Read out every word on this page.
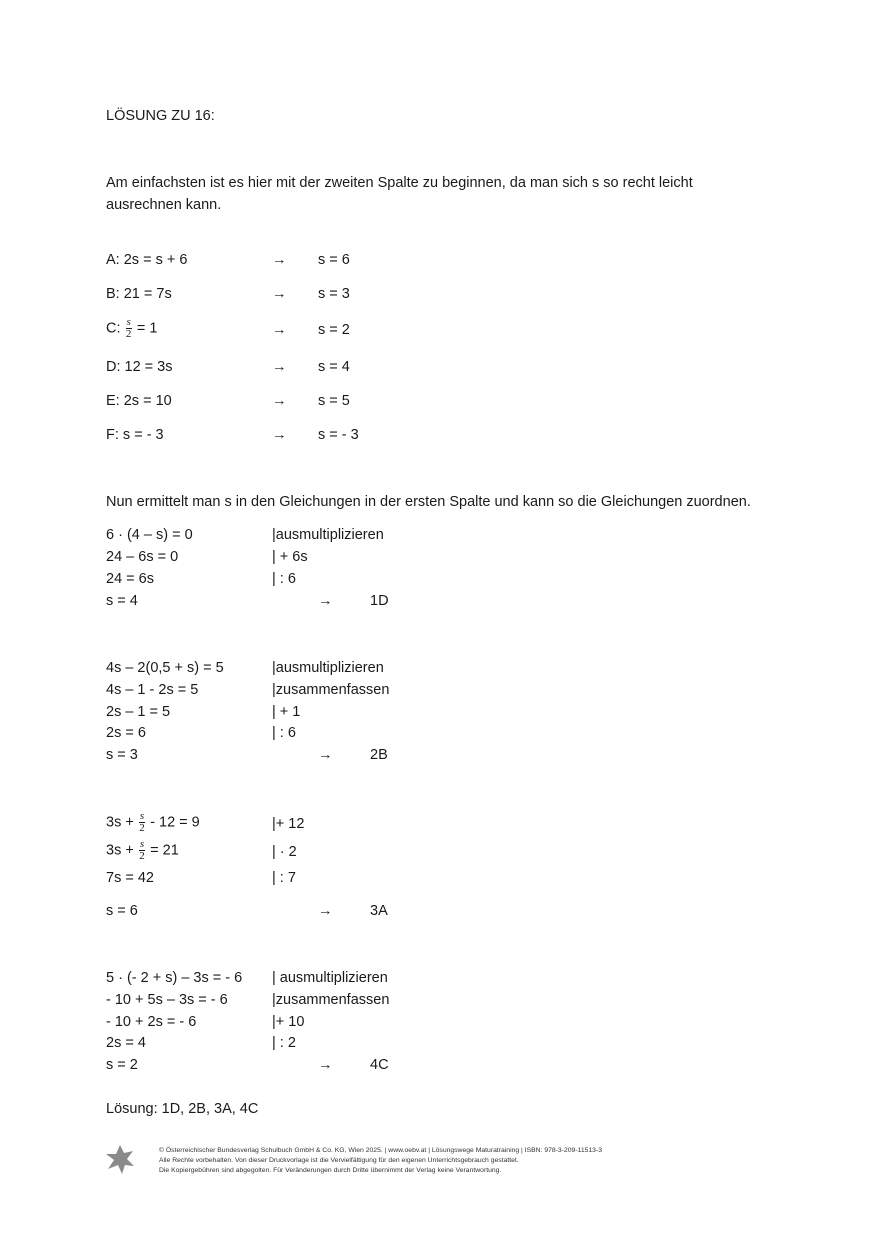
LÖSUNG ZU 16:
Am einfachsten ist es hier mit der zweiten Spalte zu beginnen, da man sich s so recht leicht
ausrechnen kann.
A: 2s = s + 6	→ s = 6
B: 21 = 7s	→ s = 3
C: $\frac{s}{2} = 1$	→ s = 2
D: 12 = 3s	→ s = 4
E: 2s = 10	→ s = 5
F: s = - 3	→ s = - 3
Nun ermittelt man s in den Gleichungen in der ersten Spalte und kann so die Gleichungen zuordnen.
6 · (4 – s) = 0	|ausmultiplizieren
24 – 6s = 0	| + 6s
24 = 6s	| : 6
s = 4	→	1D
4s – 2(0,5 + s) = 5	|ausmultiplizieren
4s – 1 - 2s = 5	|zusammenfassen
2s – 1 = 5	| + 1
2s = 6	| : 6
s = 3	→	2B
$3s + \frac{s}{2} - 12 = 9$	|+ 12
$3s + \frac{s}{2} = 21$	| · 2
7s = 42	| : 7
s = 6	→	3A
5 · (- 2 + s) – 3s = - 6 | ausmultiplizieren
- 10 + 5s – 3s = - 6	|zusammenfassen
- 10 + 2s = - 6	|+ 10
2s = 4	| : 2
s = 2	→	4C
Lösung: 1D, 2B, 3A, 4C
© Österreichischer Bundesverlag Schulbuch GmbH & Co. KG, Wien 2025. | www.oebv.at | Lösungswege Maturatraining | ISBN: 978-3-209-11513-3
Alle Rechte vorbehalten. Von dieser Druckvorlage ist die Vervielfältigung für den eigenen Unterrichtsgebrauch gestattet.
Die Kopiergebühren sind abgegolten. Für Veränderungen durch Dritte übernimmt der Verlag keine Verantwortung.
